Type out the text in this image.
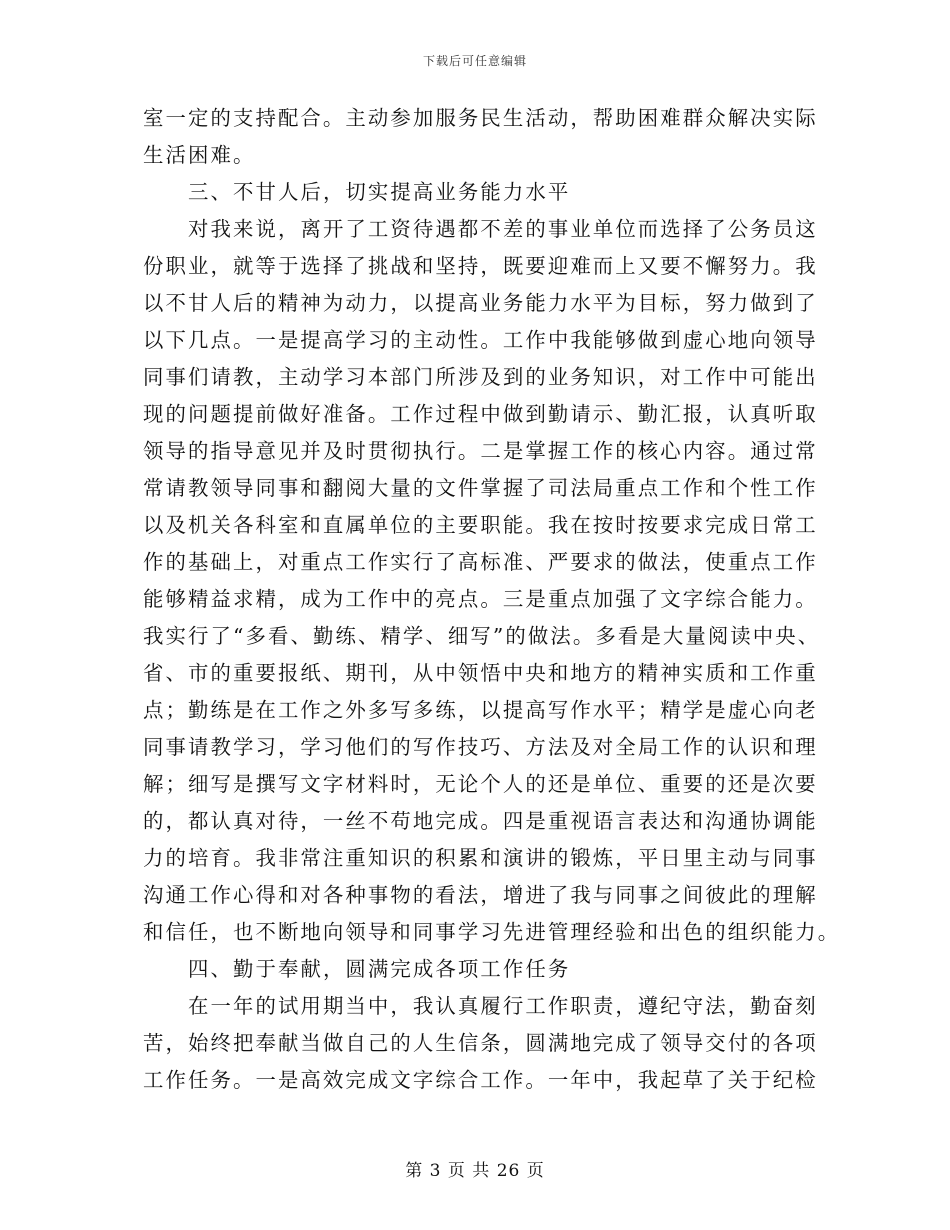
下载后可任意编辑
室一定的支持配合。主动参加服务民生活动，帮助困难群众解决实际
生活困难。
三、不甘人后，切实提高业务能力水平
对我来说，离开了工资待遇都不差的事业单位而选择了公务员这
份职业，就等于选择了挑战和坚持，既要迎难而上又要不懈努力。我
以不甘人后的精神为动力，以提高业务能力水平为目标，努力做到了
以下几点。一是提高学习的主动性。工作中我能够做到虚心地向领导
同事们请教，主动学习本部门所涉及到的业务知识，对工作中可能出
现的问题提前做好准备。工作过程中做到勤请示、勤汇报，认真听取
领导的指导意见并及时贯彻执行。二是掌握工作的核心内容。通过常
常请教领导同事和翻阅大量的文件掌握了司法局重点工作和个性工作
以及机关各科室和直属单位的主要职能。我在按时按要求完成日常工
作的基础上，对重点工作实行了高标准、严要求的做法，使重点工作
能够精益求精，成为工作中的亮点。三是重点加强了文字综合能力。
我实行了“多看、勤练、精学、细写”的做法。多看是大量阅读中央、
省、市的重要报纸、期刊，从中领悟中央和地方的精神实质和工作重
点；勤练是在工作之外多写多练，以提高写作水平；精学是虚心向老
同事请教学习，学习他们的写作技巧、方法及对全局工作的认识和理
解；细写是撰写文字材料时，无论个人的还是单位、重要的还是次要
的，都认真对待，一丝不苟地完成。四是重视语言表达和沟通协调能
力的培育。我非常注重知识的积累和演讲的锻炼，平日里主动与同事
沟通工作心得和对各种事物的看法，增进了我与同事之间彼此的理解
和信任，也不断地向领导和同事学习先进管理经验和出色的组织能力。
四、勤于奉献，圆满完成各项工作任务
在一年的试用期当中，我认真履行工作职责，遵纪守法，勤奋刻
苦，始终把奉献当做自己的人生信条，圆满地完成了领导交付的各项
工作任务。一是高效完成文字综合工作。一年中，我起草了关于纪检
第 3 页 共 26 页
